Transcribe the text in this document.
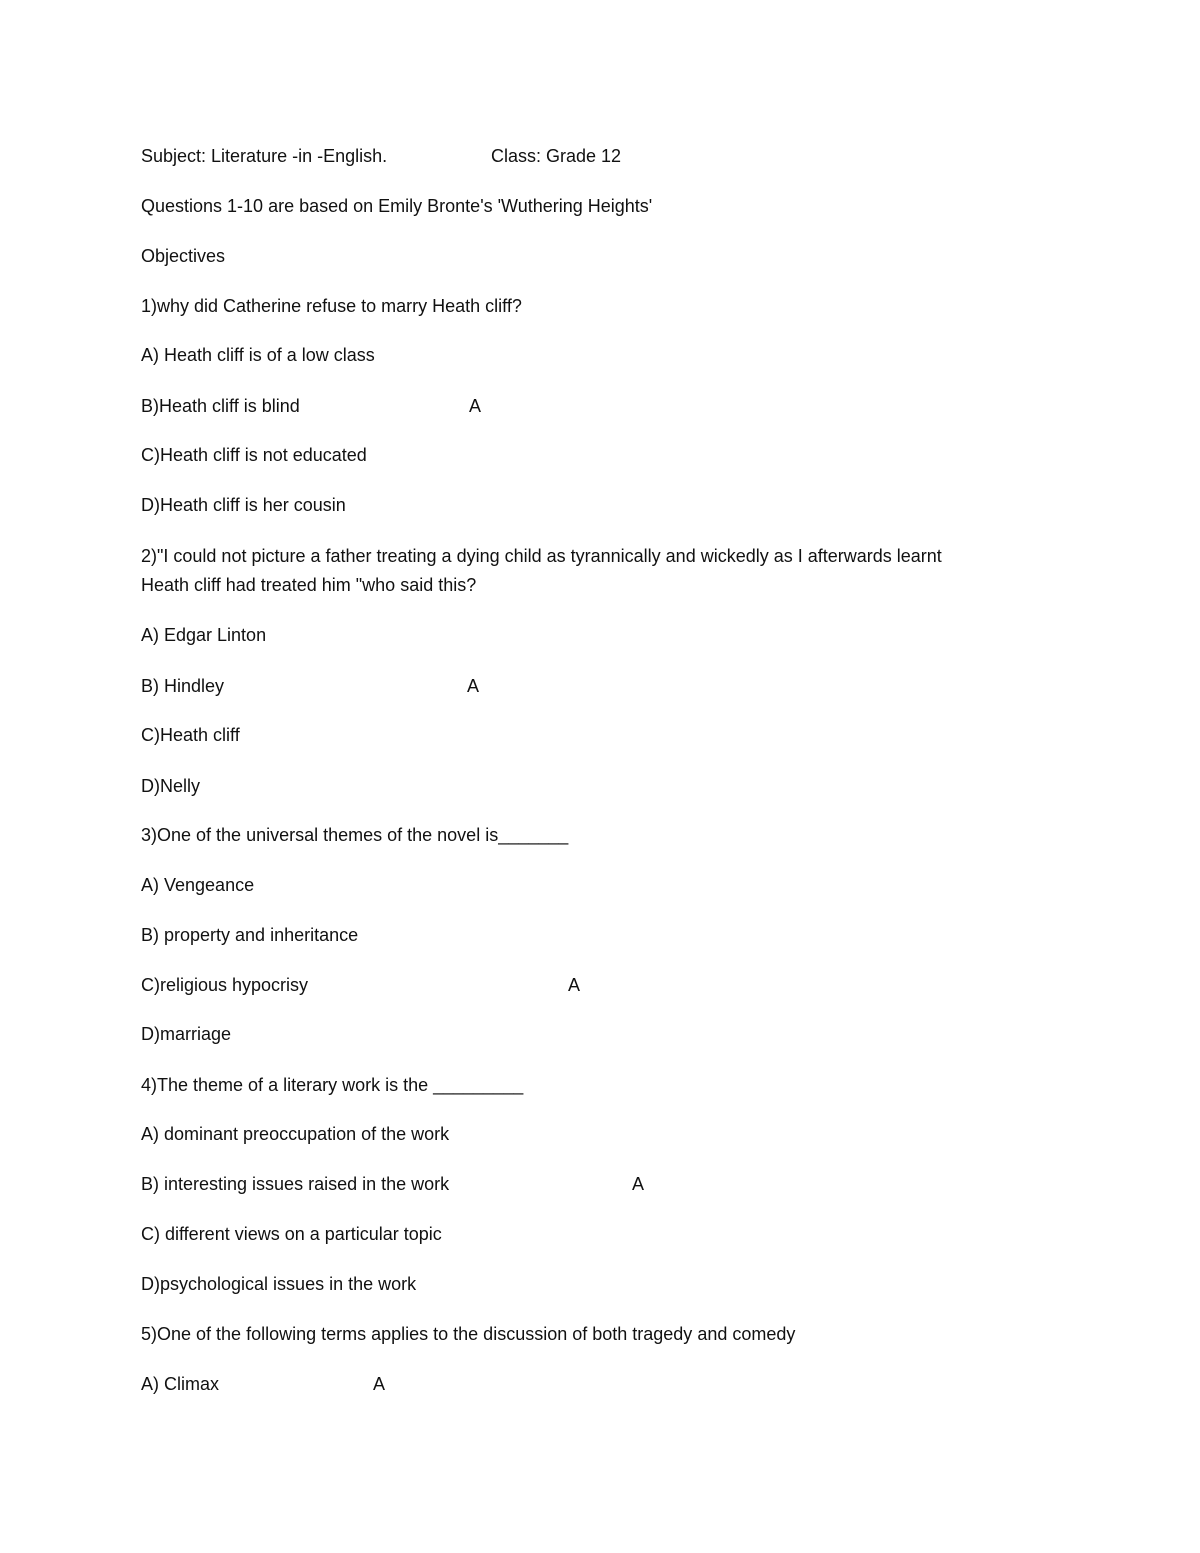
Subject: Literature -in -English.	Class: Grade 12
Questions 1-10 are based on Emily Bronte's 'Wuthering Heights'
Objectives
1)why did Catherine refuse to marry Heath cliff?
A) Heath cliff is of a low class
B)Heath cliff is blind	A
C)Heath cliff is not educated
D)Heath cliff is her cousin
2)"I could not picture a father treating a dying child as tyrannically and wickedly as I afterwards learnt
Heath cliff had treated him "who said this?
A) Edgar Linton
B) Hindley	A
C)Heath cliff
D)Nelly
3)One of the universal themes of the novel is_______
A) Vengeance
B) property and inheritance
C)religious hypocrisy	A
D)marriage
4)The theme of a literary work is the _________
A) dominant preoccupation of the work
B) interesting issues raised in the work	A
C) different views on a particular topic
D)psychological issues in the work
5)One of the following terms applies to the discussion of both tragedy and comedy
A) Climax	A
